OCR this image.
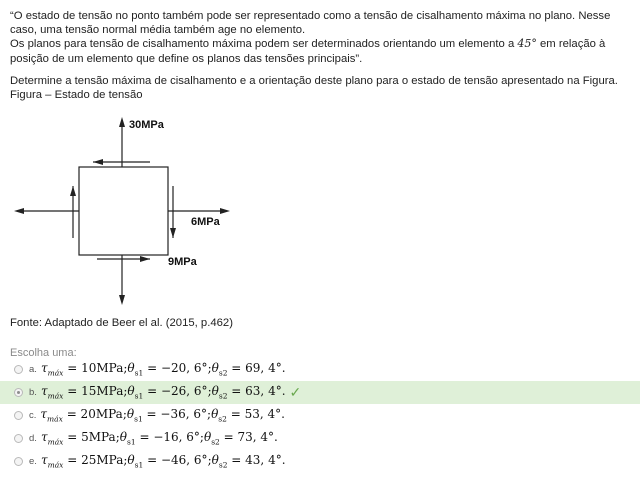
“O estado de tensão no ponto também pode ser representado como a tensão de cisalhamento máxima no plano. Nesse caso, uma tensão normal média também age no elemento.

Os planos para tensão de cisalhamento máxima podem ser determinados orientando um elemento a 45° em relação à posição de um elemento que define os planos das tensões principais”.

Determine a tensão máxima de cisalhamento e a orientação deste plano para o estado de tensão apresentado na Figura.

Figura – Estado de tensão

30MPa
6MPa
9MPa
Fonte: Adaptado de Beer el al. (2015, p.462)
Escolha uma:
a. $\tau_{máx}$ = $10MPa;\theta_{s1} = -20$, $6^\circ;\theta_{s2} = 69$, 4°.
b. $\tau_{máx}$ = $15MPa;\theta_{s1} = -26$, $6^\circ;\theta_{s2} = 63$, 4°. ✓
c. $\tau_{máx}$ = $20MPa;\theta_{s1} = -36$, $6^\circ;\theta_{s2} = 53$, 4°.
d. $\tau_{máx}$ = $5MPa;\theta_{s1} = -16$, $6^\circ;\theta_{s2} = 73$, 4°.
e. $\tau_{máx}$ = $25MPa;\theta_{s1} = -46$, $6^\circ;\theta_{s2} = 43$, 4°.
